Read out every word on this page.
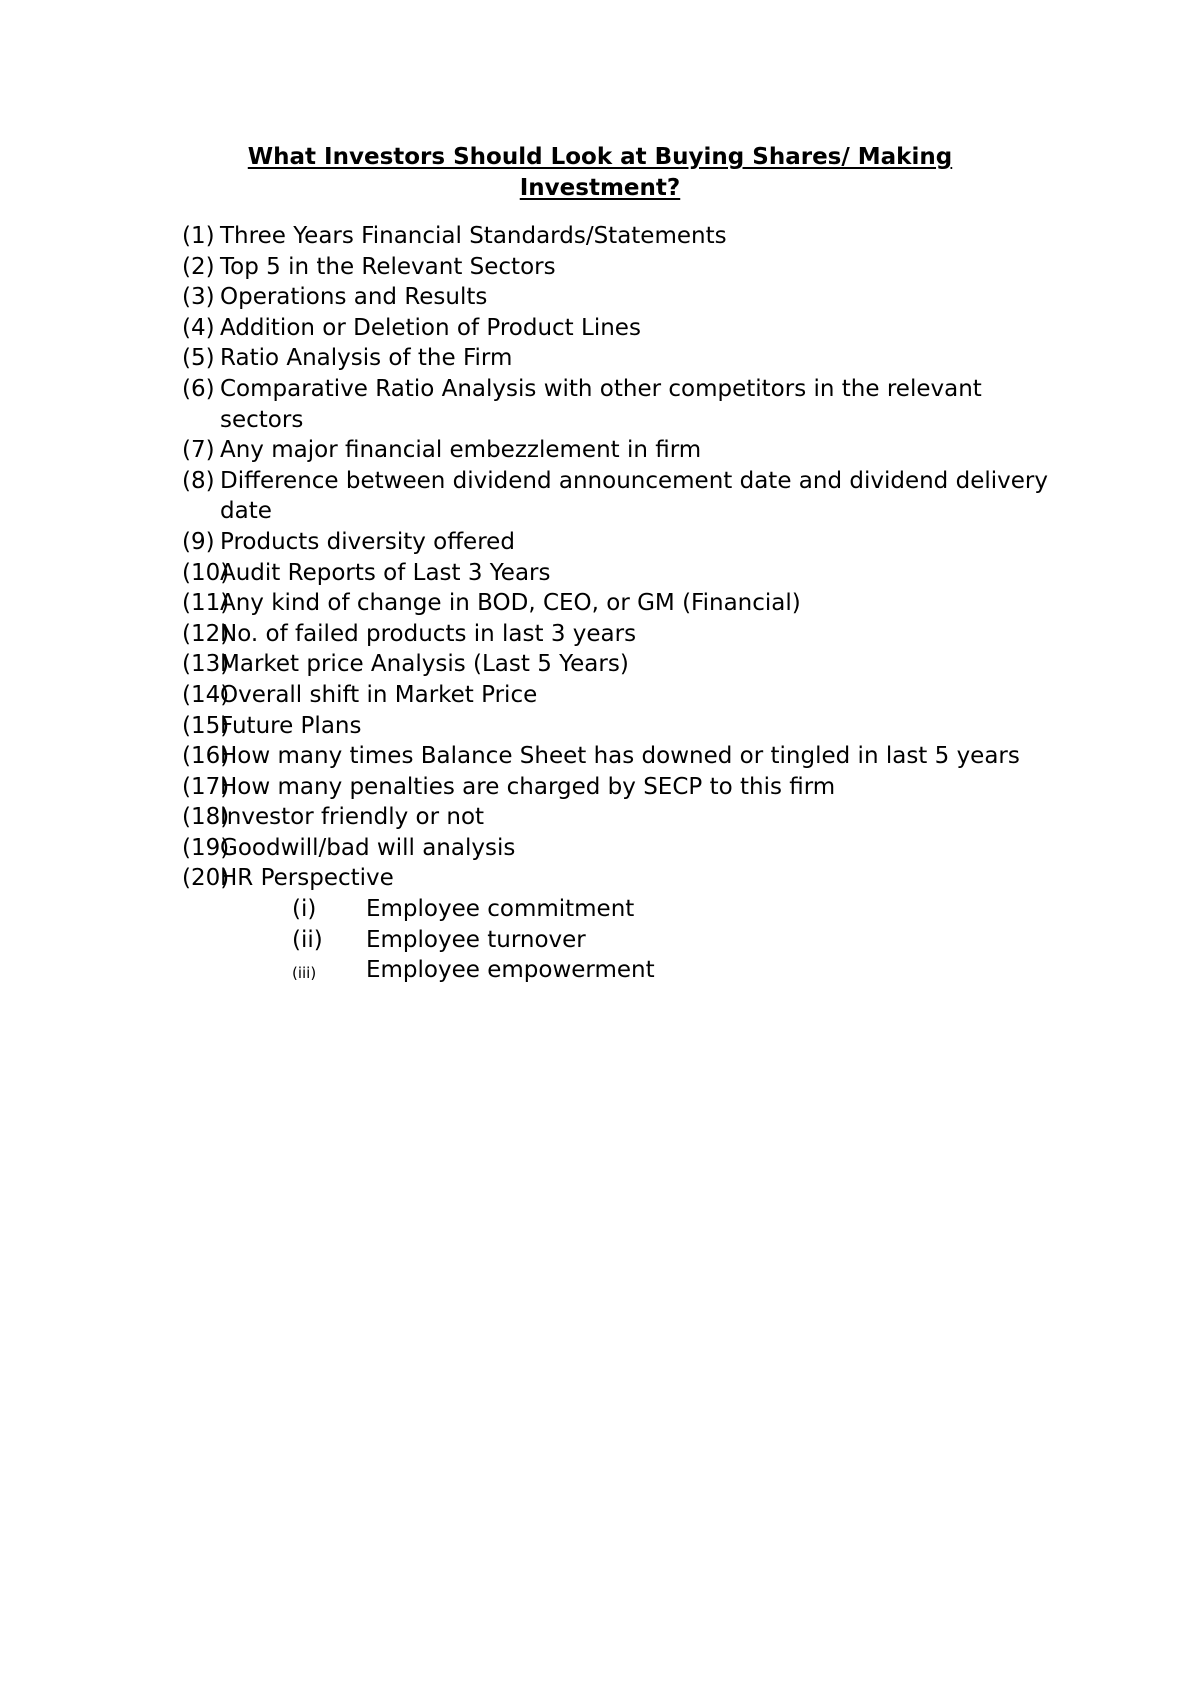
What Investors Should Look at Buying Shares/ Making Investment?
(1) Three Years Financial Standards/Statements
(2) Top 5 in the Relevant Sectors
(3) Operations and Results
(4) Addition or Deletion of Product Lines
(5) Ratio Analysis of the Firm
(6) Comparative Ratio Analysis with other competitors in the relevant sectors
(7) Any major financial embezzlement in firm
(8) Difference between dividend announcement date and dividend delivery date
(9) Products diversity offered
(10)
Audit Reports of Last 3 Years
(11)
Any kind of change in BOD, CEO, or GM (Financial)
(12)
No. of failed products in last 3 years
(13)
Market price Analysis (Last 5 Years)
(14)
Overall shift in Market Price
(15)
Future Plans
(16)
How many times Balance Sheet has downed or tingled in last 5 years
(17)
How many penalties are charged by SECP to this firm
(18)
Investor friendly or not
(19)
Goodwill/bad will analysis
(20)
HR Perspective
(i) Employee commitment
(ii) Employee turnover
(iii) Employee empowerment
